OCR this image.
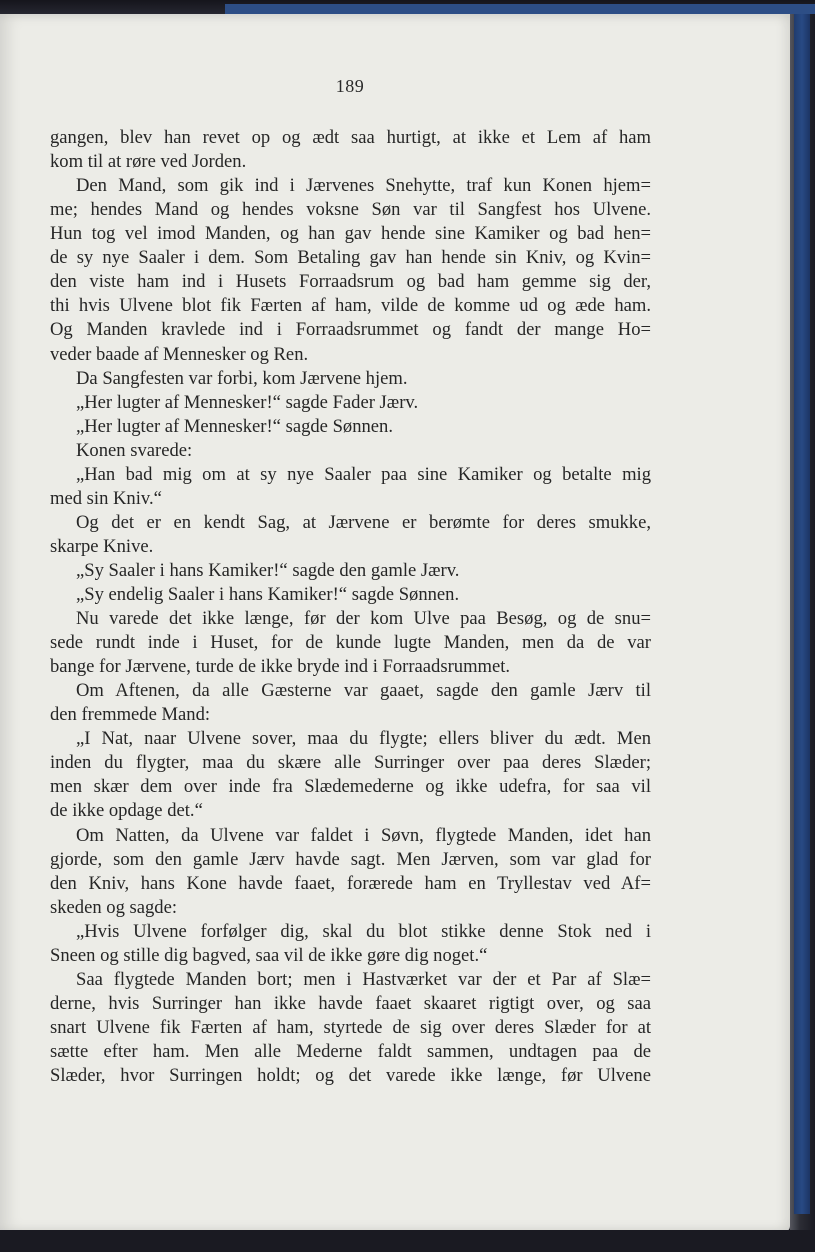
189
gangen, blev han revet op og ædt saa hurtigt, at ikke et Lem af ham
kom til at røre ved Jorden.
Den Mand, som gik ind i Jærvenes Snehytte, traf kun Konen hjem=
me; hendes Mand og hendes voksne Søn var til Sangfest hos Ulvene.
Hun tog vel imod Manden, og han gav hende sine Kamiker og bad hen=
de sy nye Saaler i dem. Som Betaling gav han hende sin Kniv, og Kvin=
den viste ham ind i Husets Forraadsrum og bad ham gemme sig der,
thi hvis Ulvene blot fik Færten af ham, vilde de komme ud og æde ham.
Og Manden kravlede ind i Forraadsrummet og fandt der mange Ho=
veder baade af Mennesker og Ren.
Da Sangfesten var forbi, kom Jærvene hjem.
„Her lugter af Mennesker!“ sagde Fader Jærv.
„Her lugter af Mennesker!“ sagde Sønnen.
Konen svarede:
„Han bad mig om at sy nye Saaler paa sine Kamiker og betalte mig
med sin Kniv.“
Og det er en kendt Sag, at Jærvene er berømte for deres smukke,
skarpe Knive.
„Sy Saaler i hans Kamiker!“ sagde den gamle Jærv.
„Sy endelig Saaler i hans Kamiker!“ sagde Sønnen.
Nu varede det ikke længe, før der kom Ulve paa Besøg, og de snu=
sede rundt inde i Huset, for de kunde lugte Manden, men da de var
bange for Jærvene, turde de ikke bryde ind i Forraadsrummet.
Om Aftenen, da alle Gæsterne var gaaet, sagde den gamle Jærv til
den fremmede Mand:
„I Nat, naar Ulvene sover, maa du flygte; ellers bliver du ædt. Men
inden du flygter, maa du skære alle Surringer over paa deres Slæder;
men skær dem over inde fra Slædemederne og ikke udefra, for saa vil
de ikke opdage det.“
Om Natten, da Ulvene var faldet i Søvn, flygtede Manden, idet han
gjorde, som den gamle Jærv havde sagt. Men Jærven, som var glad for
den Kniv, hans Kone havde faaet, forærede ham en Tryllestav ved Af=
skeden og sagde:
„Hvis Ulvene forfølger dig, skal du blot stikke denne Stok ned i
Sneen og stille dig bagved, saa vil de ikke gøre dig noget.“
Saa flygtede Manden bort; men i Hastværket var der et Par af Slæ=
derne, hvis Surringer han ikke havde faaet skaaret rigtigt over, og saa
snart Ulvene fik Færten af ham, styrtede de sig over deres Slæder for at
sætte efter ham. Men alle Mederne faldt sammen, undtagen paa de
Slæder, hvor Surringen holdt; og det varede ikke længe, før Ulvene
